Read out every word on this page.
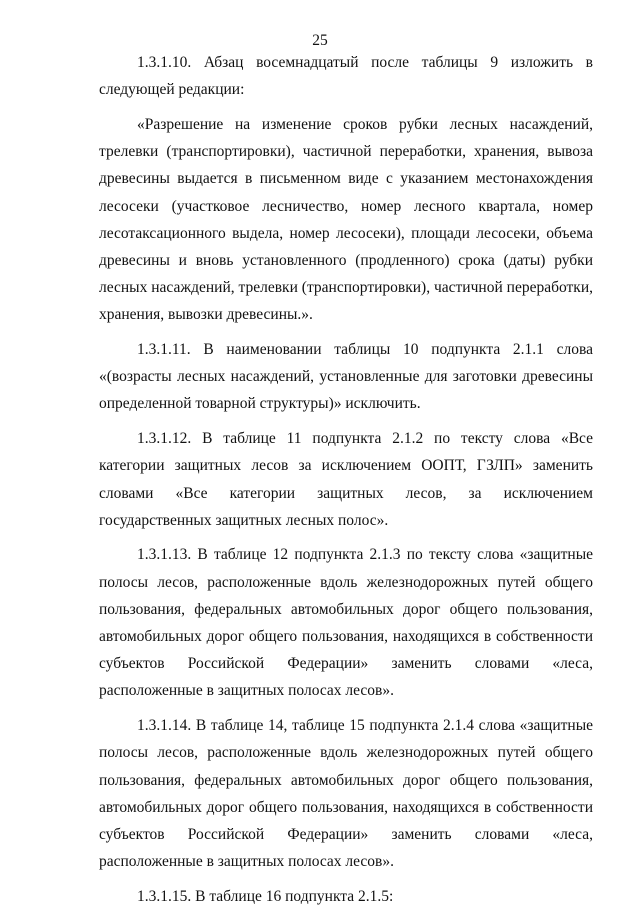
25

1.3.1.10. Абзац восемнадцатый после таблицы 9 изложить в следующей редакции:

«Разрешение на изменение сроков рубки лесных насаждений, трелевки (транспортировки), частичной переработки, хранения, вывоза древесины выдается в письменном виде с указанием местонахождения лесосеки (участковое лесничество, номер лесного квартала, номер лесотаксационного выдела, номер лесосеки), площади лесосеки, объема древесины и вновь установленного (продленного) срока (даты) рубки лесных насаждений, трелевки (транспортировки), частичной переработки, хранения, вывозки древесины.».

1.3.1.11. В наименовании таблицы 10 подпункта 2.1.1 слова «(возрасты лесных насаждений, установленные для заготовки древесины определенной товарной структуры)» исключить.

1.3.1.12. В таблице 11 подпункта 2.1.2 по тексту слова «Все категории защитных лесов за исключением ООПТ, ГЗЛП» заменить словами «Все категории защитных лесов, за исключением государственных защитных лесных полос».

1.3.1.13. В таблице 12 подпункта 2.1.3 по тексту слова «защитные полосы лесов, расположенные вдоль железнодорожных путей общего пользования, федеральных автомобильных дорог общего пользования, автомобильных дорог общего пользования, находящихся в собственности субъектов Российской Федерации» заменить словами «леса, расположенные в защитных полосах лесов».

1.3.1.14. В таблице 14, таблице 15 подпункта 2.1.4 слова «защитные полосы лесов, расположенные вдоль железнодорожных путей общего пользования, федеральных автомобильных дорог общего пользования, автомобильных дорог общего пользования, находящихся в собственности субъектов Российской Федерации» заменить словами «леса, расположенные в защитных полосах лесов».

1.3.1.15. В таблице 16 подпункта 2.1.5:
